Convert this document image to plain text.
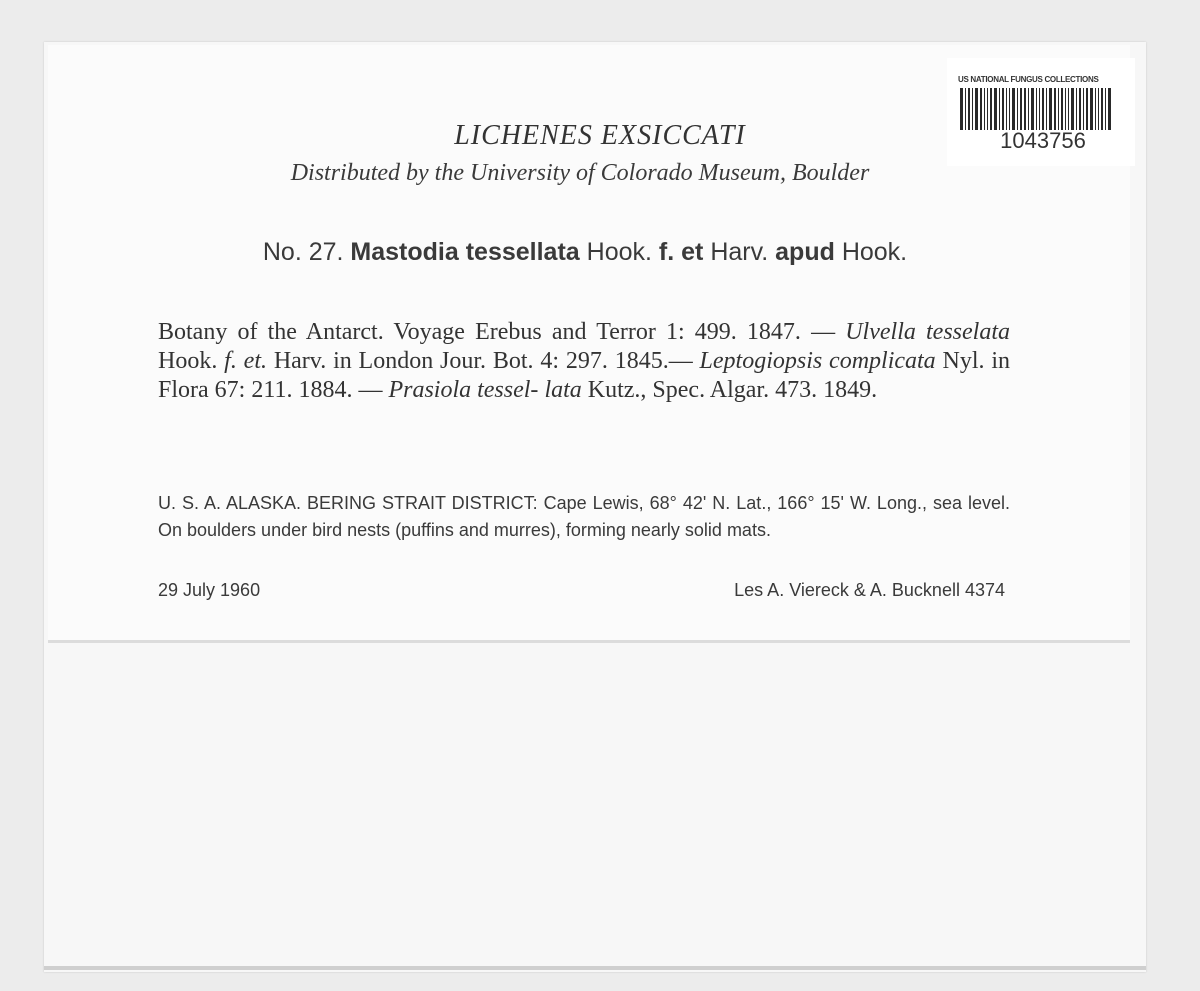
US NATIONAL FUNGUS COLLECTIONS
1043756
LICHENES EXSICCATI
Distributed by the University of Colorado Museum, Boulder
No. 27. Mastodia tessellata Hook. f. et Harv. apud Hook.
Botany of the Antarct. Voyage Erebus and Terror 1: 499. 1847. — Ulvella tesselata Hook. f. et. Harv. in London Jour. Bot. 4: 297. 1845.— Leptogiopsis complicata Nyl. in Flora 67: 211. 1884. — Prasiola tessel- lata Kutz., Spec. Algar. 473. 1849.
U. S. A. ALASKA. BERING STRAIT DISTRICT: Cape Lewis, 68° 42' N. Lat., 166° 15' W. Long., sea level. On boulders under bird nests (puffins and murres), forming nearly solid mats.
29 July 1960	Les A. Viereck & A. Bucknell 4374
